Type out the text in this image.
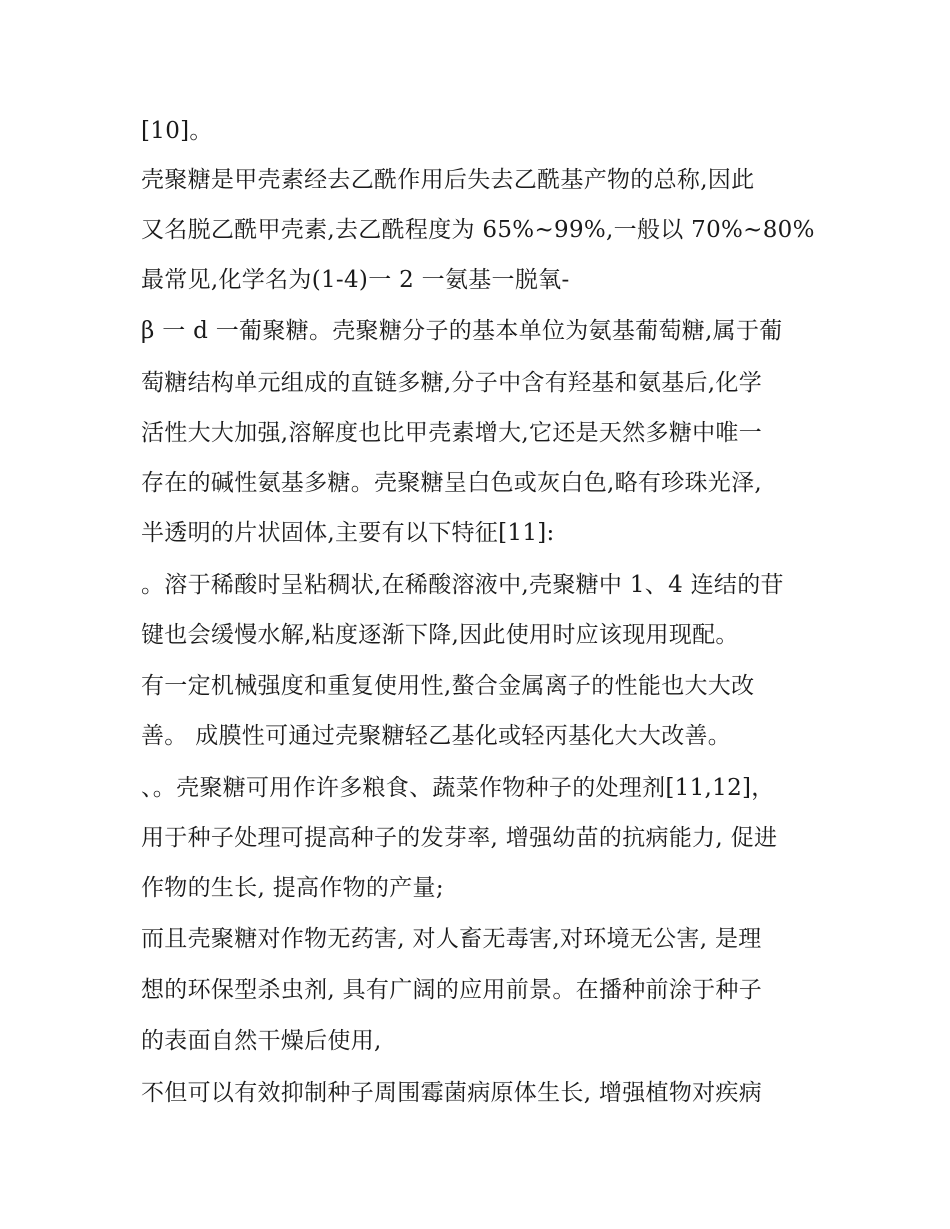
[10]。
壳聚糖是甲壳素经去乙酰作用后失去乙酰基产物的总称,因此
又名脱乙酰甲壳素,去乙酰程度为 65%~99%,一般以 70%~80%
最常见,化学名为(1-4)一 2 一氨基一脱氧-
β 一 d 一葡聚糖。壳聚糖分子的基本单位为氨基葡萄糖,属于葡
萄糖结构单元组成的直链多糖,分子中含有羟基和氨基后,化学
活性大大加强,溶解度也比甲壳素增大,它还是天然多糖中唯一
存在的碱性氨基多糖。壳聚糖呈白色或灰白色,略有珍珠光泽,
半透明的片状固体,主要有以下特征[11]:
。溶于稀酸时呈粘稠状,在稀酸溶液中,壳聚糖中 1、4 连结的苷
键也会缓慢水解,粘度逐渐下降,因此使用时应该现用现配。
有一定机械强度和重复使用性,螯合金属离子的性能也大大改
善。 成膜性可通过壳聚糖轻乙基化或轻丙基化大大改善。
、。壳聚糖可用作许多粮食、蔬菜作物种子的处理剂[11,12]，
用于种子处理可提高种子的发芽率, 增强幼苗的抗病能力, 促进
作物的生长, 提高作物的产量;
而且壳聚糖对作物无药害, 对人畜无毒害,对环境无公害, 是理
想的环保型杀虫剂, 具有广阔的应用前景。在播种前涂于种子
的表面自然干燥后使用,
不但可以有效抑制种子周围霉菌病原体生长, 增强植物对疾病
